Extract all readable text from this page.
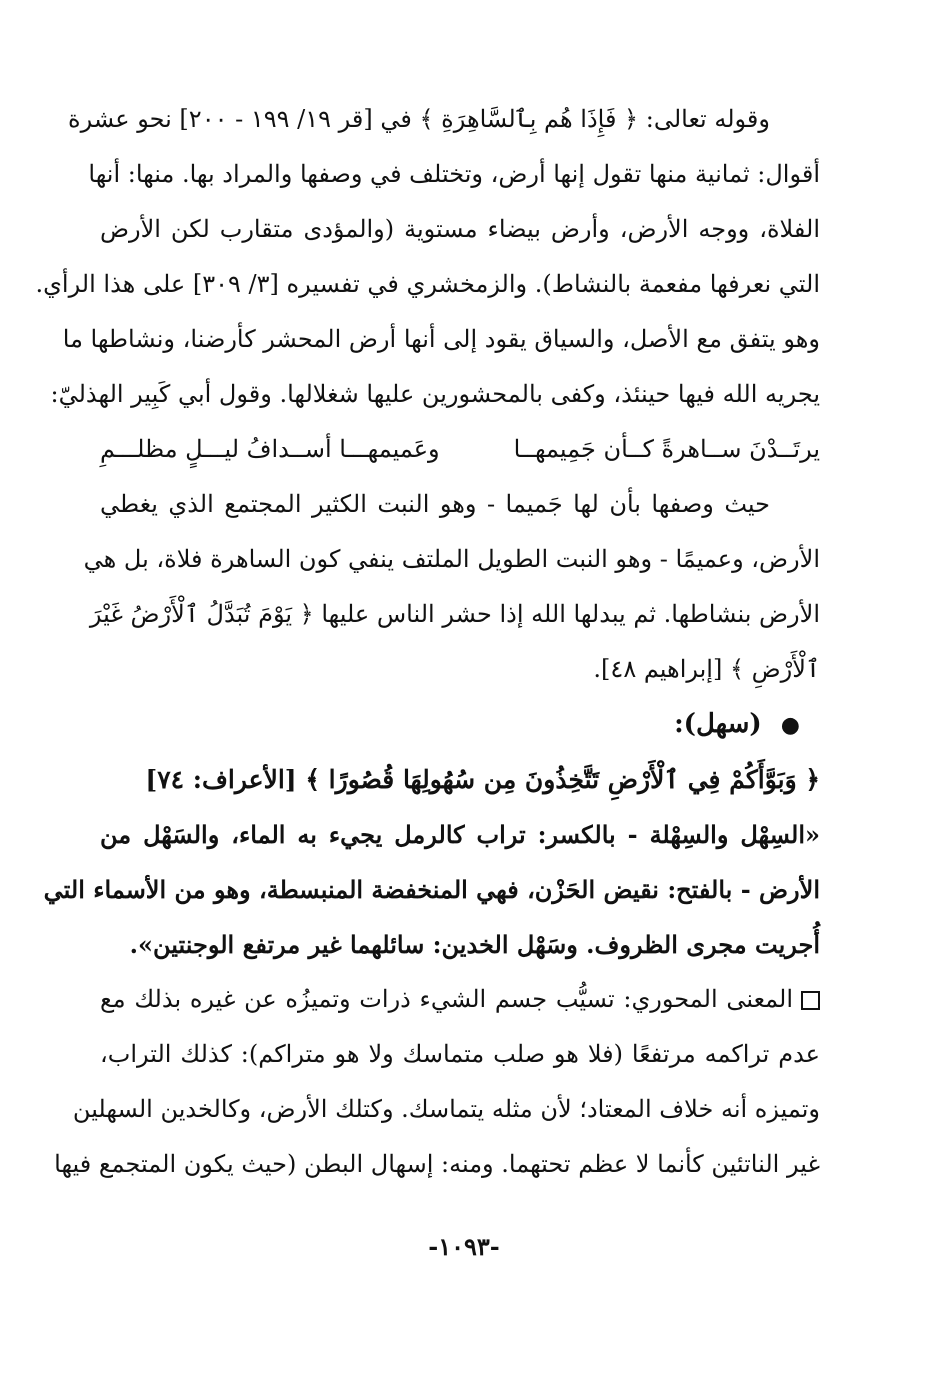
وقوله تعالى: ﴿ فَإِذَا هُم بِٱلسَّاهِرَةِ ﴾ في [قر ١٩/ ١٩٩ - ٢٠٠] نحو عشرة
أقوال: ثمانية منها تقول إنها أرض، وتختلف في وصفها والمراد بها. منها: أنها
الفلاة، ووجه الأرض، وأرض بيضاء مستوية (والمؤدى متقارب لكن الأرض
التي نعرفها مفعمة بالنشاط). والزمخشري في تفسيره [٣/ ٣٠٩] على هذا الرأي.
وهو يتفق مع الأصل، والسياق يقود إلى أنها أرض المحشر كأرضنا، ونشاطها ما
يجريه الله فيها حينئذ، وكفى بالمحشورين عليها شغلالها. وقول أبي كَبِير الهذليّ:
يرتَــدْنَ ســاهرةً كــأن جَمِيمهــا
وعَميمهـــا أســدافُ ليـــلٍ مظلـــمِ
حيث وصفها بأن لها جَميما - وهو النبت الكثير المجتمع الذي يغطي
الأرض، وعميمًا - وهو النبت الطويل الملتف ينفي كون الساهرة فلاة، بل هي
الأرض بنشاطها. ثم يبدلها الله إذا حشر الناس عليها ﴿ يَوْمَ تُبَدَّلُ ٱلْأَرْضُ غَيْرَ
ٱلْأَرْضِ ﴾ [إبراهيم ٤٨].
● (سهل):
﴿ وَبَوَّأَكُمْ فِي ٱلْأَرْضِ تَتَّخِذُونَ مِن سُهُولِهَا قُصُورًا ﴾ [الأعراف: ٧٤]
«السِهْل والسِهْلة - بالكسر: تراب كالرمل يجيء به الماء، والسَهْل من
الأرض - بالفتح: نقيض الحَزْن، فهي المنخفضة المنبسطة، وهو من الأسماء التي
أُجريت مجرى الظروف. وسَهْل الخدين: سائلهما غير مرتفع الوجنتين».
المعنى المحوري: تسيُّب جسم الشيء ذرات وتميزُه عن غيره بذلك مع
عدم تراكمه مرتفعًا (فلا هو صلب متماسك ولا هو متراكم): كذلك التراب،
وتميزه أنه خلاف المعتاد؛ لأن مثله يتماسك. وكتلك الأرض، وكالخدين السهلين
غير الناتئين كأنما لا عظم تحتهما. ومنه: إسهال البطن (حيث يكون المتجمع فيها
-١٠٩٣-
